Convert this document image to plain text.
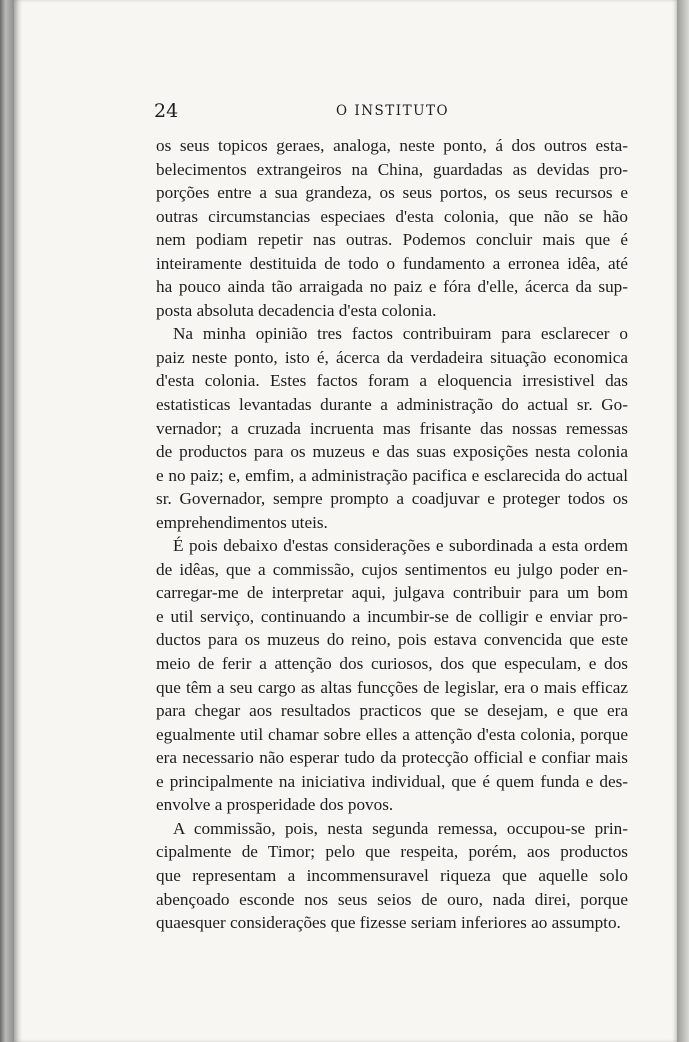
24	O INSTITUTO
os seus topicos geraes, analoga, neste ponto, á dos outros esta-
belecimentos extrangeiros na China, guardadas as devidas pro-
porções entre a sua grandeza, os seus portos, os seus recursos e
outras circumstancias especiaes d'esta colonia, que não se hão
nem podiam repetir nas outras. Podemos concluir mais que é
inteiramente destituida de todo o fundamento a erronea idêa, até
ha pouco ainda tão arraigada no paiz e fóra d'elle, ácerca da sup-
posta absoluta decadencia d'esta colonia.
Na minha opinião tres factos contribuiram para esclarecer o
paiz neste ponto, isto é, ácerca da verdadeira situação economica
d'esta colonia. Estes factos foram a eloquencia irresistivel das
estatisticas levantadas durante a administração do actual sr. Go-
vernador; a cruzada incruenta mas frisante das nossas remessas
de productos para os muzeus e das suas exposições nesta colonia
e no paiz; e, emfim, a administração pacifica e esclarecida do actual
sr. Governador, sempre prompto a coadjuvar e proteger todos os
emprehendimentos uteis.
É pois debaixo d'estas considerações e subordinada a esta ordem
de idêas, que a commissão, cujos sentimentos eu julgo poder en-
carregar-me de interpretar aqui, julgava contribuir para um bom
e util serviço, continuando a incumbir-se de colligir e enviar pro-
ductos para os muzeus do reino, pois estava convencida que este
meio de ferir a attenção dos curiosos, dos que especulam, e dos
que têm a seu cargo as altas funcções de legislar, era o mais efficaz
para chegar aos resultados practicos que se desejam, e que era
egualmente util chamar sobre elles a attenção d'esta colonia, porque
era necessario não esperar tudo da protecção official e confiar mais
e principalmente na iniciativa individual, que é quem funda e des-
envolve a prosperidade dos povos.
A commissão, pois, nesta segunda remessa, occupou-se prin-
cipalmente de Timor; pelo que respeita, porém, aos productos
que representam a incommensuravel riqueza que aquelle solo
abençoado esconde nos seus seios de ouro, nada direi, porque
quaesquer considerações que fizesse seriam inferiores ao assumpto.
